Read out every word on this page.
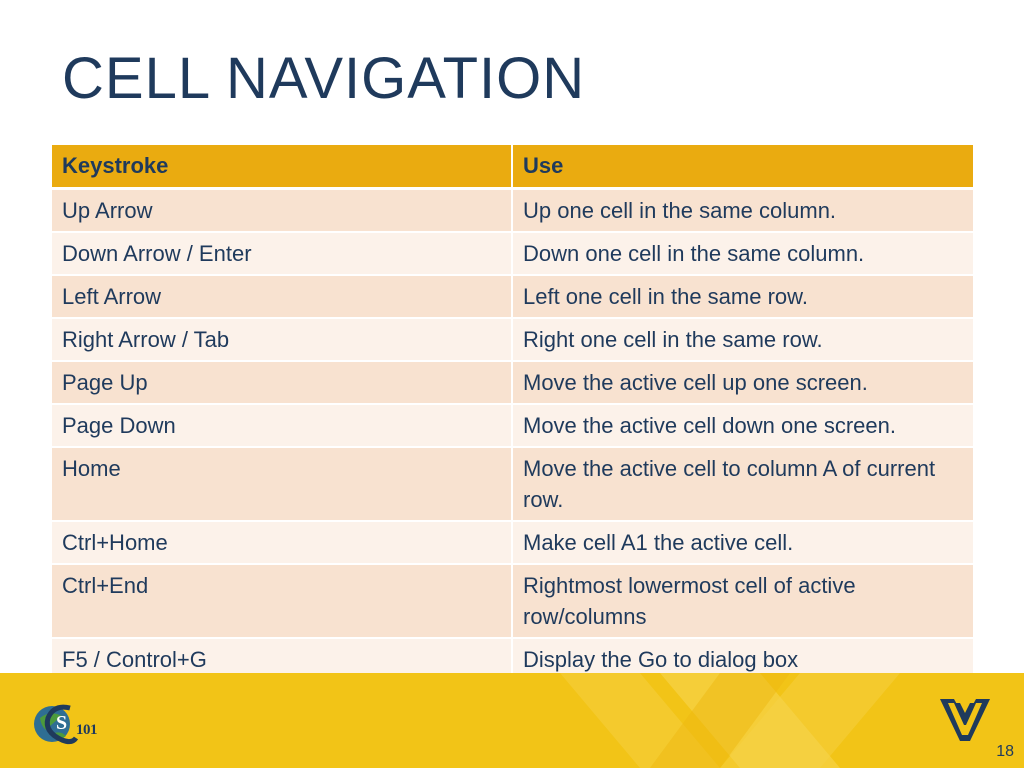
CELL NAVIGATION
Keystroke	Use
Up Arrow	Up one cell in the same column.
Down Arrow / Enter	Down one cell in the same column.
Left Arrow	Left one cell in the same row.
Right Arrow / Tab	Right one cell in the same row.
Page Up	Move the active cell up one screen.
Page Down	Move the active cell down one screen.
Home	Move the active cell to column A of current row.
Ctrl+Home	Make cell A1 the active cell.
Ctrl+End	Rightmost lowermost cell of active row/columns
F5 / Control+G	Display the Go to dialog box
S 101
18
